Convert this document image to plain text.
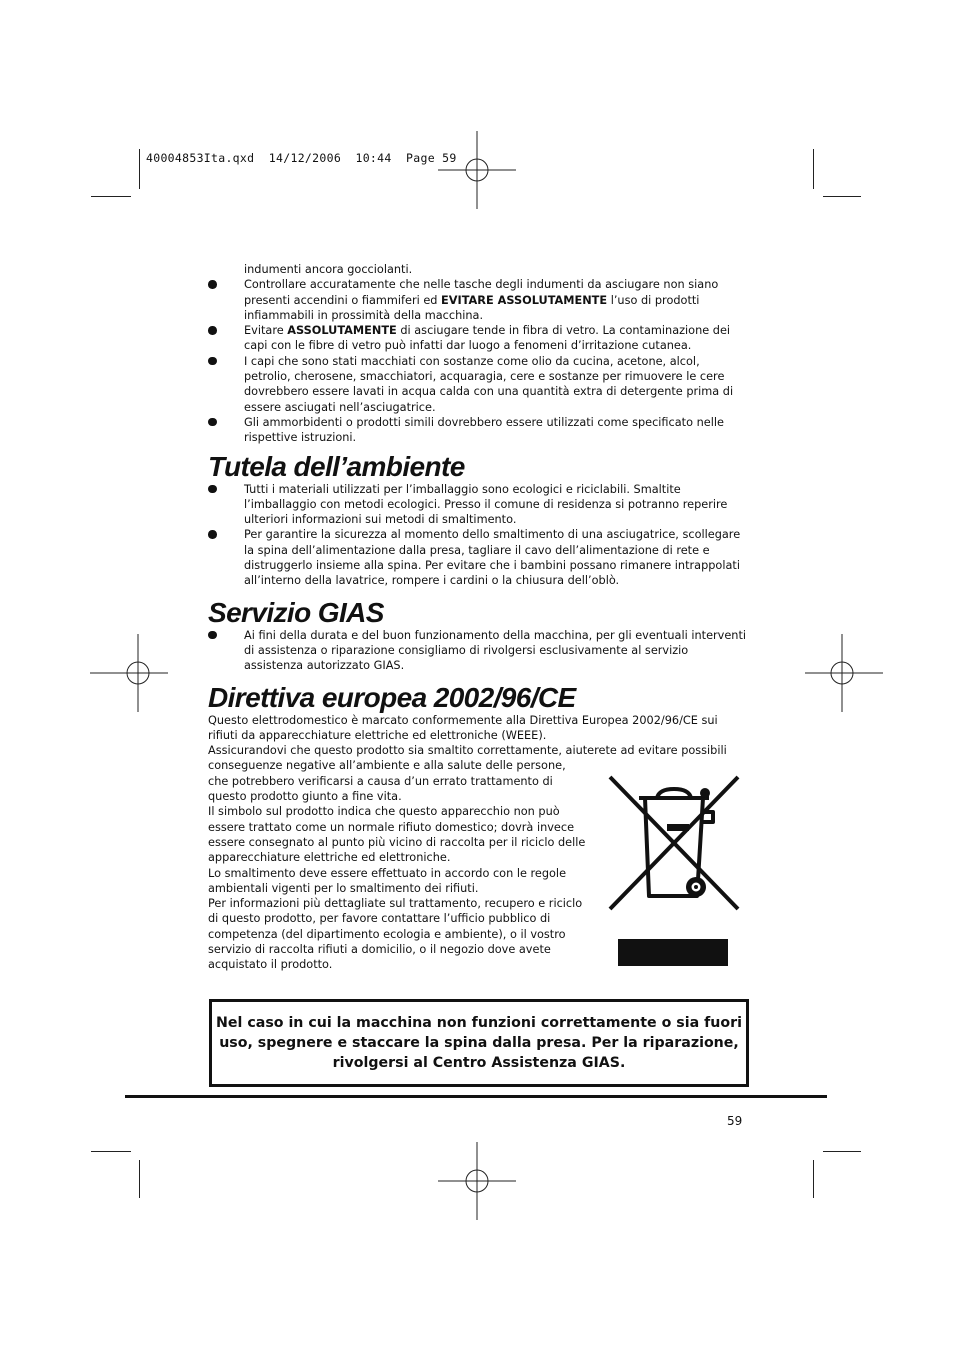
40004853Ita.qxd  14/12/2006  10:44  Page 59
indumenti ancora gocciolanti.
Controllare accuratamente che nelle tasche degli indumenti da asciugare non siano presenti accendini o fiammiferi ed EVITARE ASSOLUTAMENTE l’uso di prodotti infiammabili in prossimità della macchina.
Evitare ASSOLUTAMENTE di asciugare tende in fibra di vetro. La contaminazione dei capi con le fibre di vetro può infatti dar luogo a fenomeni d’irritazione cutanea.
I capi che sono stati macchiati con sostanze come olio da cucina, acetone, alcol, petrolio, cherosene, smacchiatori, acquaragia, cere e sostanze per rimuovere le cere dovrebbero essere lavati in acqua calda con una quantità extra di detergente prima di essere asciugati nell’asciugatrice.
Gli ammorbidenti o prodotti simili dovrebbero essere utilizzati come specificato nelle rispettive istruzioni.
Tutela dell’ambiente
Tutti i materiali utilizzati per l’imballaggio sono ecologici e riciclabili. Smaltite l’imballaggio con metodi ecologici. Presso il comune di residenza si potranno reperire ulteriori informazioni sui metodi di smaltimento.
Per garantire la sicurezza al momento dello smaltimento di una asciugatrice, scollegare la spina dell’alimentazione dalla presa, tagliare il cavo dell’alimentazione di rete e distruggerlo insieme alla spina. Per evitare che i bambini possano rimanere intrappolati all’interno della lavatrice, rompere i cardini o la chiusura dell’oblò.
Servizio GIAS
Ai fini della durata e del buon funzionamento della macchina, per gli eventuali interventi di assistenza o riparazione consigliamo di rivolgersi esclusivamente al servizio assistenza autorizzato GIAS.
Direttiva europea 2002/96/CE

Questo elettrodomestico è marcato conformemente alla Direttiva Europea 2002/96/CE sui rifiuti da apparecchiature elettriche ed elettroniche (WEEE).

Assicurandovi che questo prodotto sia smaltito correttamente, aiuterete ad evitare possibili

conseguenze negative all’ambiente e alla salute delle persone, che potrebbero verificarsi a causa d’un errato trattamento di questo prodotto giunto a fine vita.

Il simbolo sul prodotto indica che questo apparecchio non può essere trattato come un normale rifiuto domestico; dovrà invece essere consegnato al punto più vicino di raccolta per il riciclo delle apparecchiature elettriche ed elettroniche.

Lo smaltimento deve essere effettuato in accordo con le regole ambientali vigenti per lo smaltimento dei rifiuti.

Per informazioni più dettagliate sul trattamento, recupero e riciclo di questo prodotto, per favore contattare l’ufficio pubblico di competenza (del dipartimento ecologia e ambiente), o il vostro servizio di raccolta rifiuti a domicilio, o il negozio dove avete acquistato il prodotto.

Nel caso in cui la macchina non funzioni correttamente o sia fuori uso, spegnere e staccare la spina dalla presa. Per la riparazione, rivolgersi al Centro Assistenza GIAS.
59
